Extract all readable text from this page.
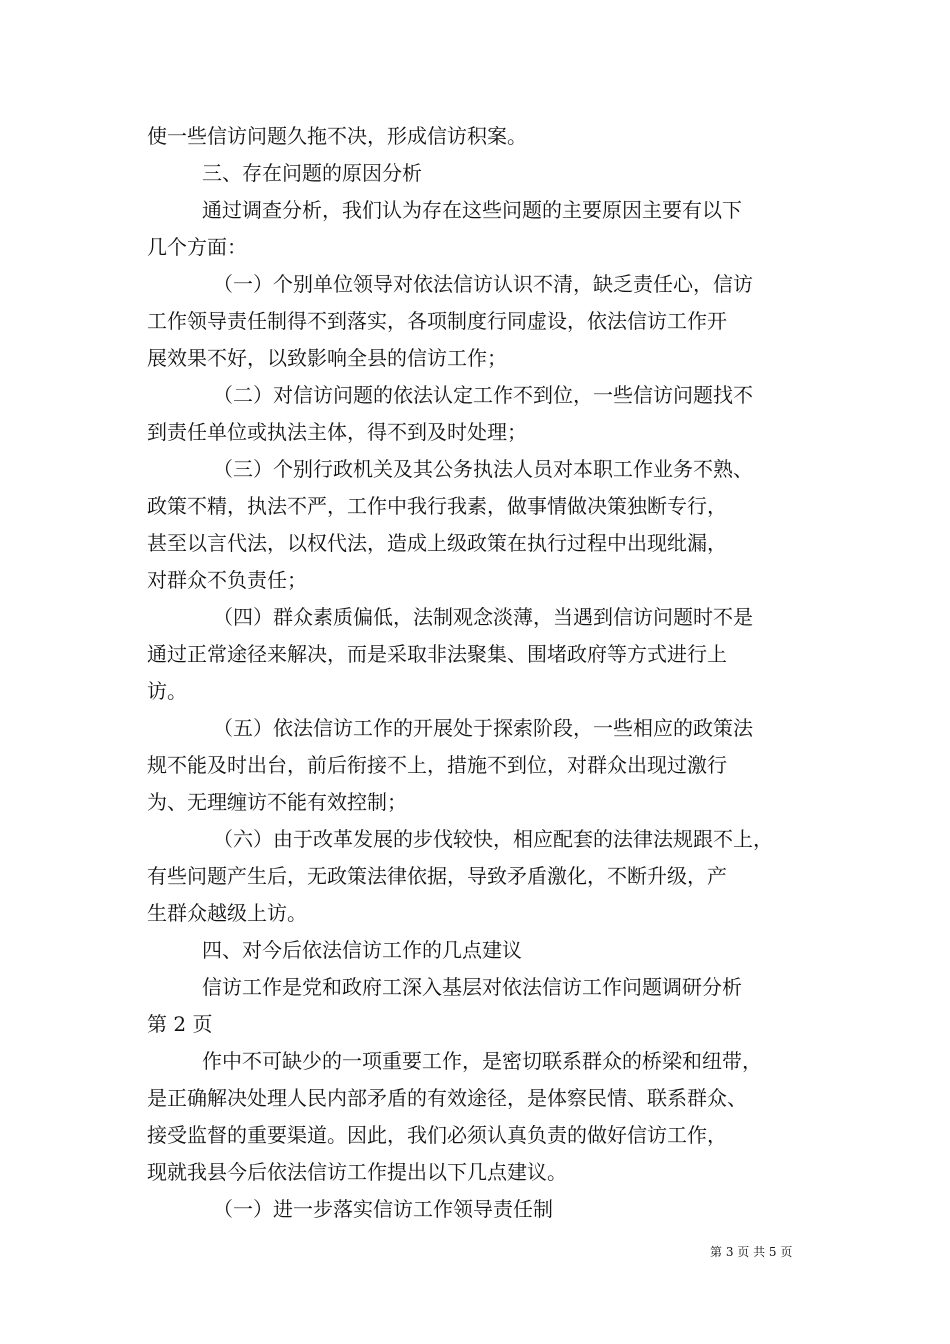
使一些信访问题久拖不决，形成信访积案。
三、存在问题的原因分析
通过调查分析，我们认为存在这些问题的主要原因主要有以下
几个方面：
（一）个别单位领导对依法信访认识不清，缺乏责任心，信访
工作领导责任制得不到落实，各项制度行同虚设，依法信访工作开
展效果不好，以致影响全县的信访工作；
（二）对信访问题的依法认定工作不到位，一些信访问题找不
到责任单位或执法主体，得不到及时处理；
（三）个别行政机关及其公务执法人员对本职工作业务不熟、
政策不精，执法不严，工作中我行我素，做事情做决策独断专行，
甚至以言代法，以权代法，造成上级政策在执行过程中出现纰漏，
对群众不负责任；
（四）群众素质偏低，法制观念淡薄，当遇到信访问题时不是
通过正常途径来解决，而是采取非法聚集、围堵政府等方式进行上
访。
（五）依法信访工作的开展处于探索阶段，一些相应的政策法
规不能及时出台，前后衔接不上，措施不到位，对群众出现过激行
为、无理缠访不能有效控制；
（六）由于改革发展的步伐较快，相应配套的法律法规跟不上，
有些问题产生后，无政策法律依据，导致矛盾激化，不断升级，产
生群众越级上访。
四、对今后依法信访工作的几点建议
信访工作是党和政府工深入基层对依法信访工作问题调研分析
第 2 页
作中不可缺少的一项重要工作，是密切联系群众的桥梁和纽带，
是正确解决处理人民内部矛盾的有效途径，是体察民情、联系群众、
接受监督的重要渠道。因此，我们必须认真负责的做好信访工作，
现就我县今后依法信访工作提出以下几点建议。
（一）进一步落实信访工作领导责任制
第 3 页 共 5 页
